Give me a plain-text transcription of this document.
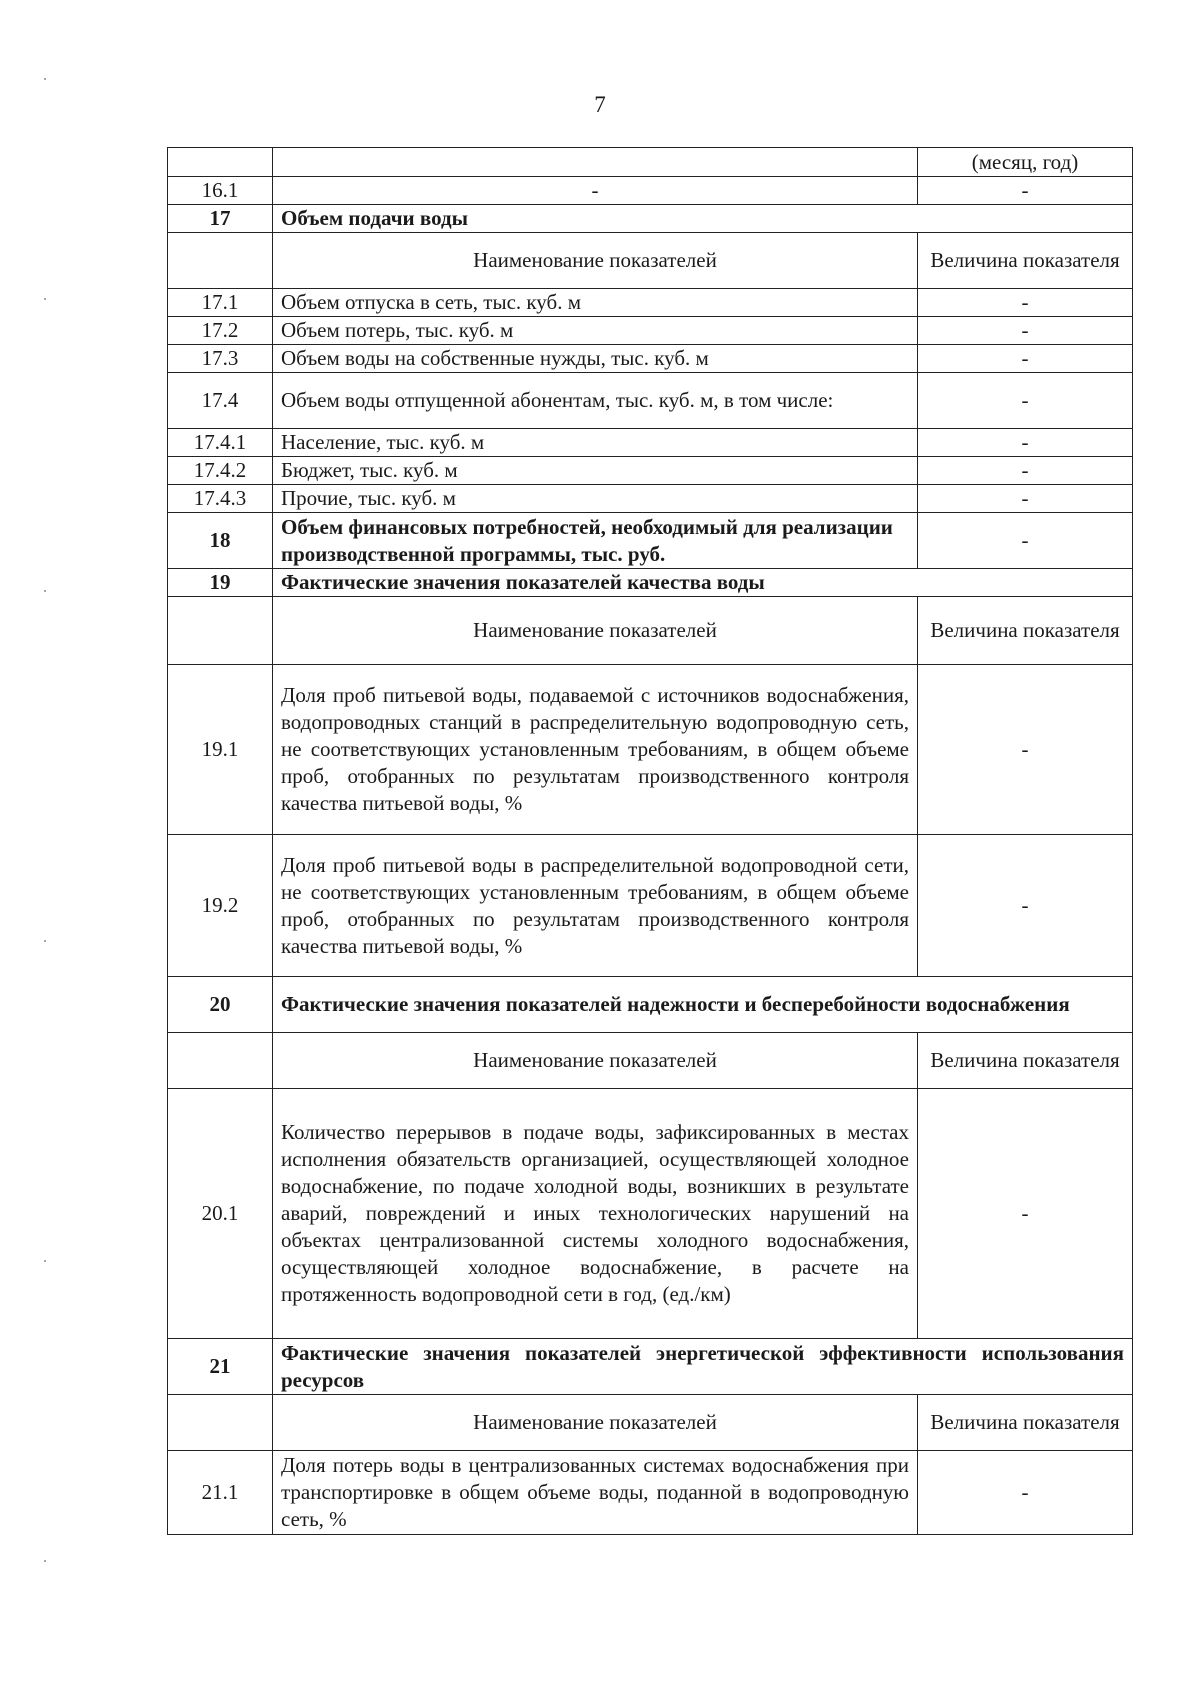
7
		(месяц, год)
16.1	-	-
17	Объем подачи воды	
	Наименование показателей	Величина показателя
17.1	Объем отпуска в сеть, тыс. куб. м	-
17.2	Объем потерь, тыс. куб. м	-
17.3	Объем воды на собственные нужды, тыс. куб. м	-
17.4	Объем воды отпущенной абонентам, тыс. куб. м, в том числе:	-
17.4.1	Население, тыс. куб. м	-
17.4.2	Бюджет, тыс. куб. м	-
17.4.3	Прочие, тыс. куб. м	-
18	Объем финансовых потребностей, необходимый для реализации производственной программы, тыс. руб.	-
19	Фактические значения показателей качества воды	
	Наименование показателей	Величина показателя
19.1	Доля проб питьевой воды, подаваемой с источников водоснабжения, водопроводных станций в распределительную водопроводную сеть, не соответствующих установленным требованиям, в общем объеме проб, отобранных по результатам производственного контроля качества питьевой воды, %	-
19.2	Доля проб питьевой воды в распределительной водопроводной сети, не соответствующих установленным требованиям, в общем объеме проб, отобранных по результатам производственного контроля качества питьевой воды, %	-
20	Фактические значения показателей надежности и бесперебойности водоснабжения	
	Наименование показателей	Величина показателя
20.1	Количество перерывов в подаче воды, зафиксированных в местах исполнения обязательств организацией, осуществляющей холодное водоснабжение, по подаче холодной воды, возникших в результате аварий, повреждений и иных технологических нарушений на объектах централизованной системы холодного водоснабжения, осуществляющей холодное водоснабжение, в расчете на протяженность водопроводной сети в год, (ед./км)	-
21	Фактические значения показателей энергетической эффективности использования ресурсов	
	Наименование показателей	Величина показателя
21.1	Доля потерь воды в централизованных системах водоснабжения при транспортировке в общем объеме воды, поданной в водопроводную сеть, %	-
